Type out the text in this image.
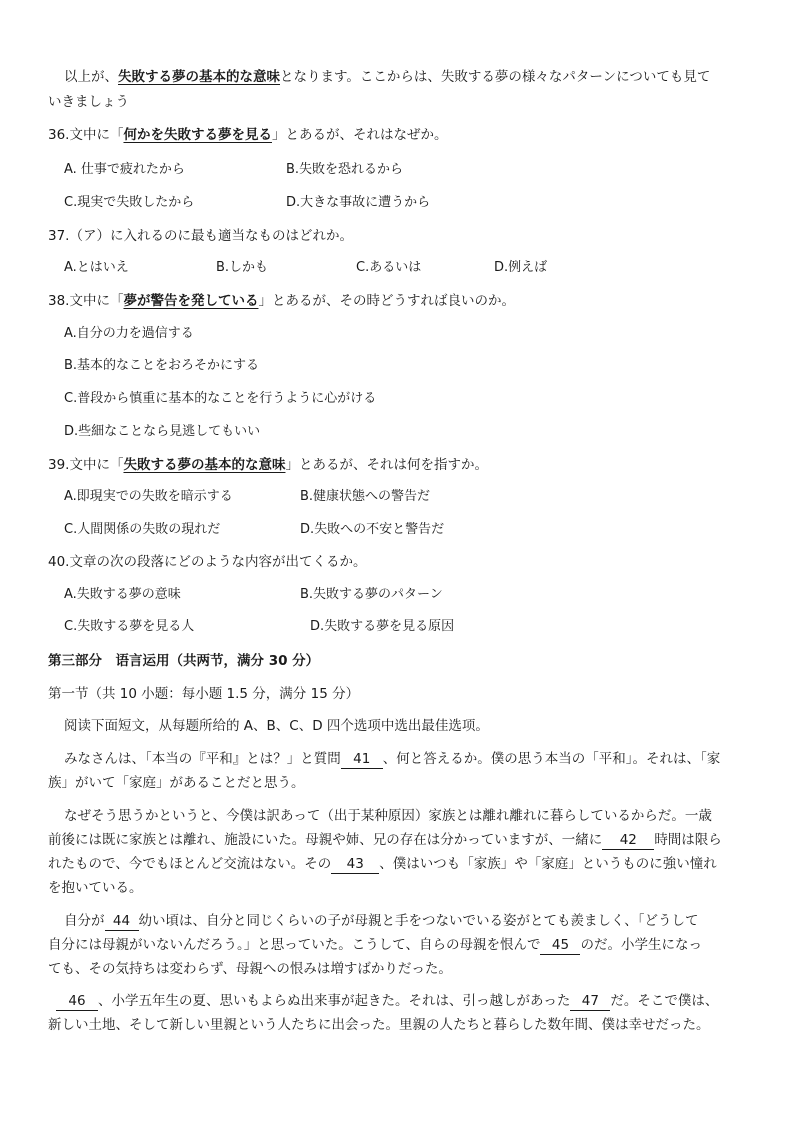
以上が、失敗する夢の基本的な意味となります。ここからは、失敗する夢の様々なパターンについても見て
いきましょう
36.文中に「何かを失敗する夢を見る」とあるが、それはなぜか。
A. 仕事で疲れたから	B.失敗を恐れるから
C.現実で失敗したから	D.大きな事故に遭うから
37.（ア）に入れるのに最も適当なものはどれか。
A.とはいえ	B.しかも	C.あるいは	D.例えば
38.文中に「夢が警告を発している」とあるが、その時どうすれば良いのか。
A.自分の力を過信する
B.基本的なことをおろそかにする
C.普段から慎重に基本的なことを行うように心がける
D.些細なことなら見逃してもいい
39.文中に「失敗する夢の基本的な意味」とあるが、それは何を指すか。
A.即現実での失敗を暗示する	B.健康状態への警告だ
C.人間関係の失敗の現れだ	D.失敗への不安と警告だ
40.文章の次の段落にどのような内容が出てくるか。
A.失敗する夢の意味	B.失敗する夢のパターン
C.失敗する夢を見る人	D.失敗する夢を見る原因
第三部分　语言运用（共两节，满分 30 分）
第一节（共 10 小题：每小题 1.5 分，满分 15 分）
阅读下面短文，从每题所给的 A、B、C、D 四个选项中选出最佳选项。
みなさんは、「本当の『平和』とは？」と質問 41 、何と答えるか。僕の思う本当の「平和」。それは、「家
族」がいて「家庭」があることだと思う。
なぜそう思うかというと、今僕は訳あって（出于某种原因）家族とは離れ離れに暮らしているからだ。一歳
前後には既に家族とは離れ、施設にいた。母親や姉、兄の存在は分かっていますが、一緒に 42 時間は限ら
れたもので、今でもほとんど交流はない。その 43 、僕はいつも「家族」や「家庭」というものに強い憧れ
を抱いている。
自分が 44 幼い頃は、自分と同じくらいの子が母親と手をつないでいる姿がとても羨ましく、「どうして
自分には母親がいないんだろう。」と思っていた。こうして、自らの母親を恨んで 45 のだ。小学生になっ
ても、その気持ちは変わらず、母親への恨みは増すばかりだった。
46 、小学五年生の夏、思いもよらぬ出来事が起きた。それは、引っ越しがあった 47 だ。そこで僕は、
新しい土地、そして新しい里親という人たちに出会った。里親の人たちと暮らした数年間、僕は幸せだった。
